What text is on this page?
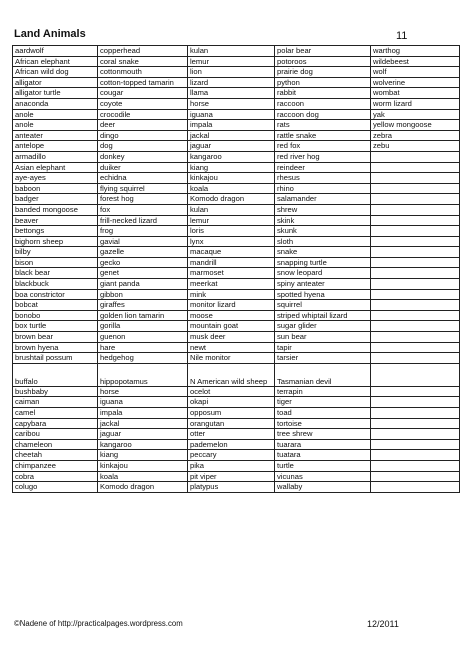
Land Animals	11
aardwolf	copperhead	kulan	polar bear	warthog
African elephant	coral snake	lemur	potoroos	wildebeest
African wild dog	cottonmouth	lion	prairie dog	wolf
alligator	cotton-topped tamarin	lizard	python	wolverine
alligator turtle	cougar	llama	rabbit	wombat
anaconda	coyote	horse	raccoon	worm lizard
anole	crocodile	iguana	raccoon dog	yak
anole	deer	impala	rats	yellow mongoose
anteater	dingo	jackal	rattle snake	zebra
antelope	dog	jaguar	red fox	zebu
armadillo	donkey	kangaroo	red river hog	
Asian elephant	duiker	kiang	reindeer	
aye-ayes	echidna	kinkajou	rhesus	
baboon	flying squirrel	koala	rhino	
badger	forest hog	Komodo dragon	salamander	
banded mongoose	fox	kulan	shrew	
beaver	frill-necked lizard	lemur	skink	
bettongs	frog	loris	skunk	
bighorn sheep	gavial	lynx	sloth	
bilby	gazelle	macaque	snake	
bison	gecko	mandrill	snapping turtle	
black bear	genet	marmoset	snow leopard	
blackbuck	giant panda	meerkat	spiny anteater	
boa constrictor	gibbon	mink	spotted hyena	
bobcat	giraffes	monitor lizard	squirrel	
bonobo	golden lion tamarin	moose	striped whiptail lizard	
box turtle	gorilla	mountain goat	sugar glider	
brown bear	guenon	musk deer	sun bear	
brown hyena	hare	newt	tapir	
brushtail possum	hedgehog	Nile monitor	tarsier	
buffalo	hippopotamus	N American wild sheep	Tasmanian devil	
bushbaby	horse	ocelot	terrapin	
caiman	iguana	okapi	tiger	
camel	impala	opposum	toad	
capybara	jackal	orangutan	tortoise	
caribou	jaguar	otter	tree shrew	
chameleon	kangaroo	pademelon	tuarara	
cheetah	kiang	peccary	tuatara	
chimpanzee	kinkajou	pika	turtle	
cobra	koala	pit viper	vicunas	
colugo	Komodo dragon	platypus	wallaby	
©Nadene of http://practicalpages.wordpress.com	12/2011
